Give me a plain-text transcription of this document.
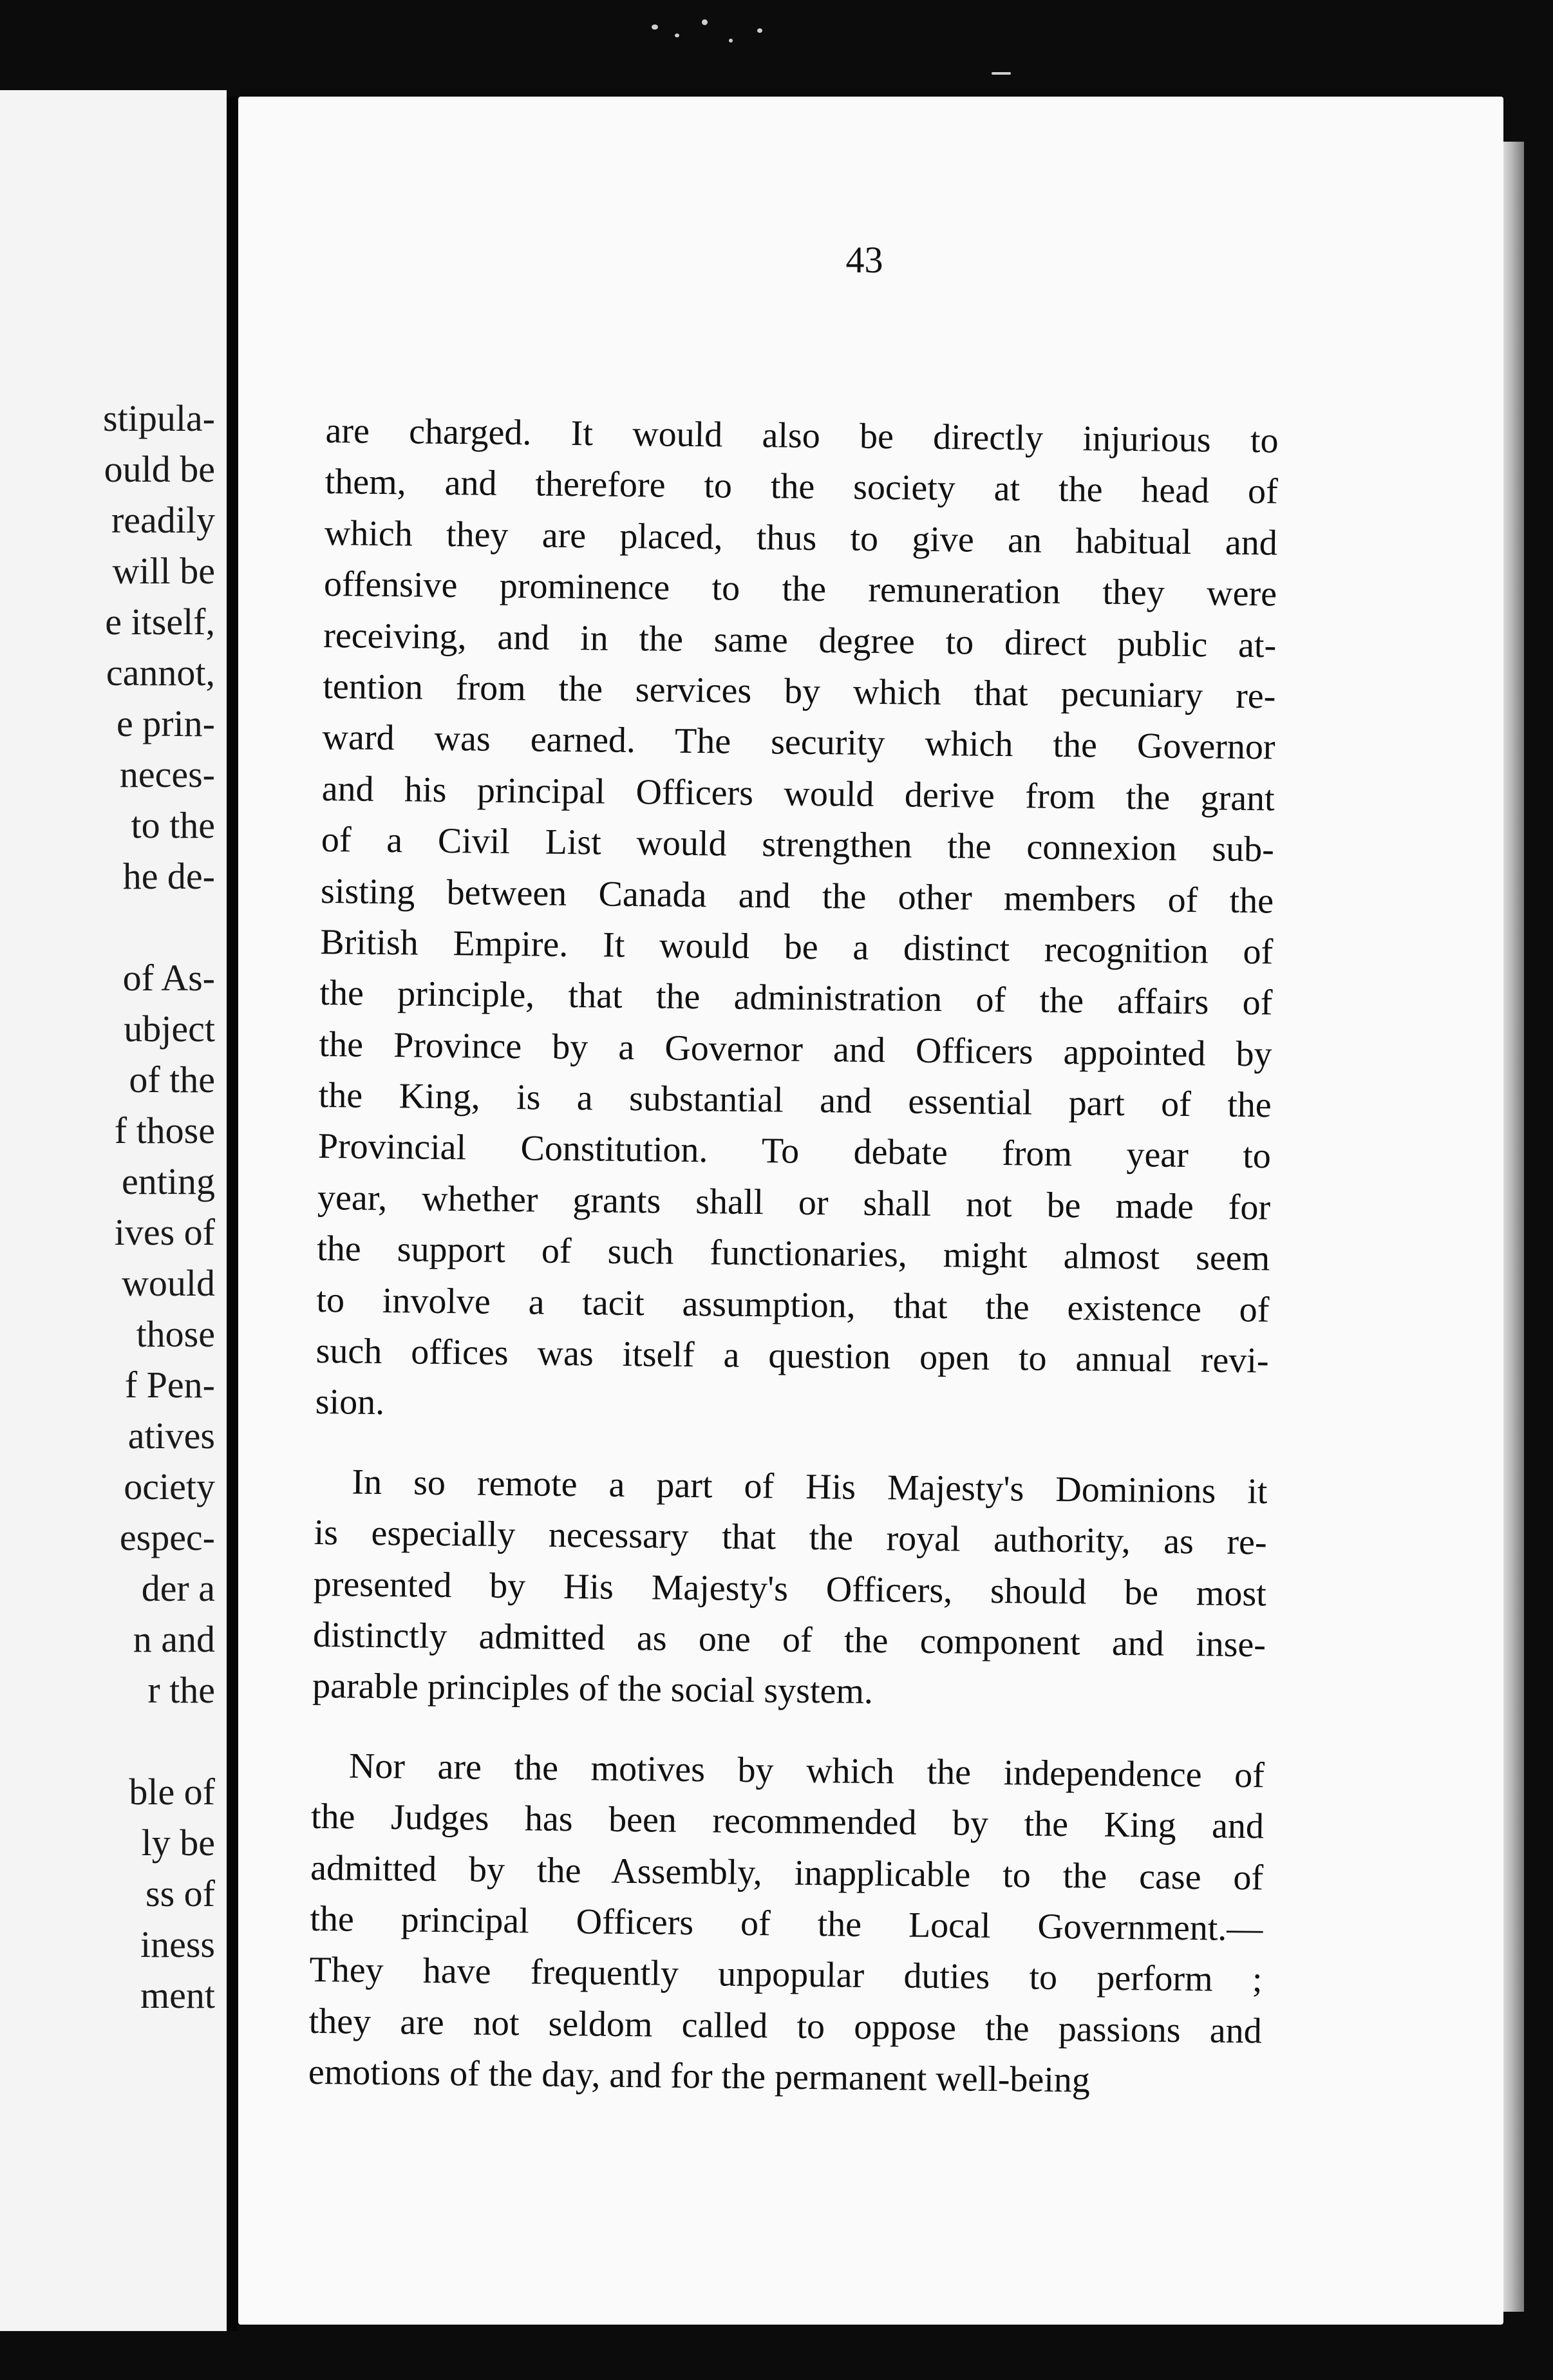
stipula-
ould be
readily
will be
e itself,
cannot,
e prin-
neces-
to the
he de-
of As-
ubject
of the
f those
enting
ives of
would
those
f Pen-
atives
ociety
espec-
der a
n and
r the
ble of
ly be
ss of
iness
ment
43
are charged. It would also be directly injurious to
them, and therefore to the society at the head of
which they are placed, thus to give an habitual and
offensive prominence to the remuneration they were
receiving, and in the same degree to direct public at-
tention from the services by which that pecuniary re-
ward was earned. The security which the Governor
and his principal Officers would derive from the grant
of a Civil List would strengthen the connexion sub-
sisting between Canada and the other members of the
British Empire. It would be a distinct recognition of
the principle, that the administration of the affairs of
the Province by a Governor and Officers appointed by
the King, is a substantial and essential part of the
Provincial Constitution. To debate from year to
year, whether grants shall or shall not be made for
the support of such functionaries, might almost seem
to involve a tacit assumption, that the existence of
such offices was itself a question open to annual revi-
sion.
In so remote a part of His Majesty's Dominions it
is especially necessary that the royal authority, as re-
presented by His Majesty's Officers, should be most
distinctly admitted as one of the component and inse-
parable principles of the social system.
Nor are the motives by which the independence of
the Judges has been recommended by the King and
admitted by the Assembly, inapplicable to the case of
the principal Officers of the Local Government.—
They have frequently unpopular duties to perform ;
they are not seldom called to oppose the passions and
emotions of the day, and for the permanent well-being
